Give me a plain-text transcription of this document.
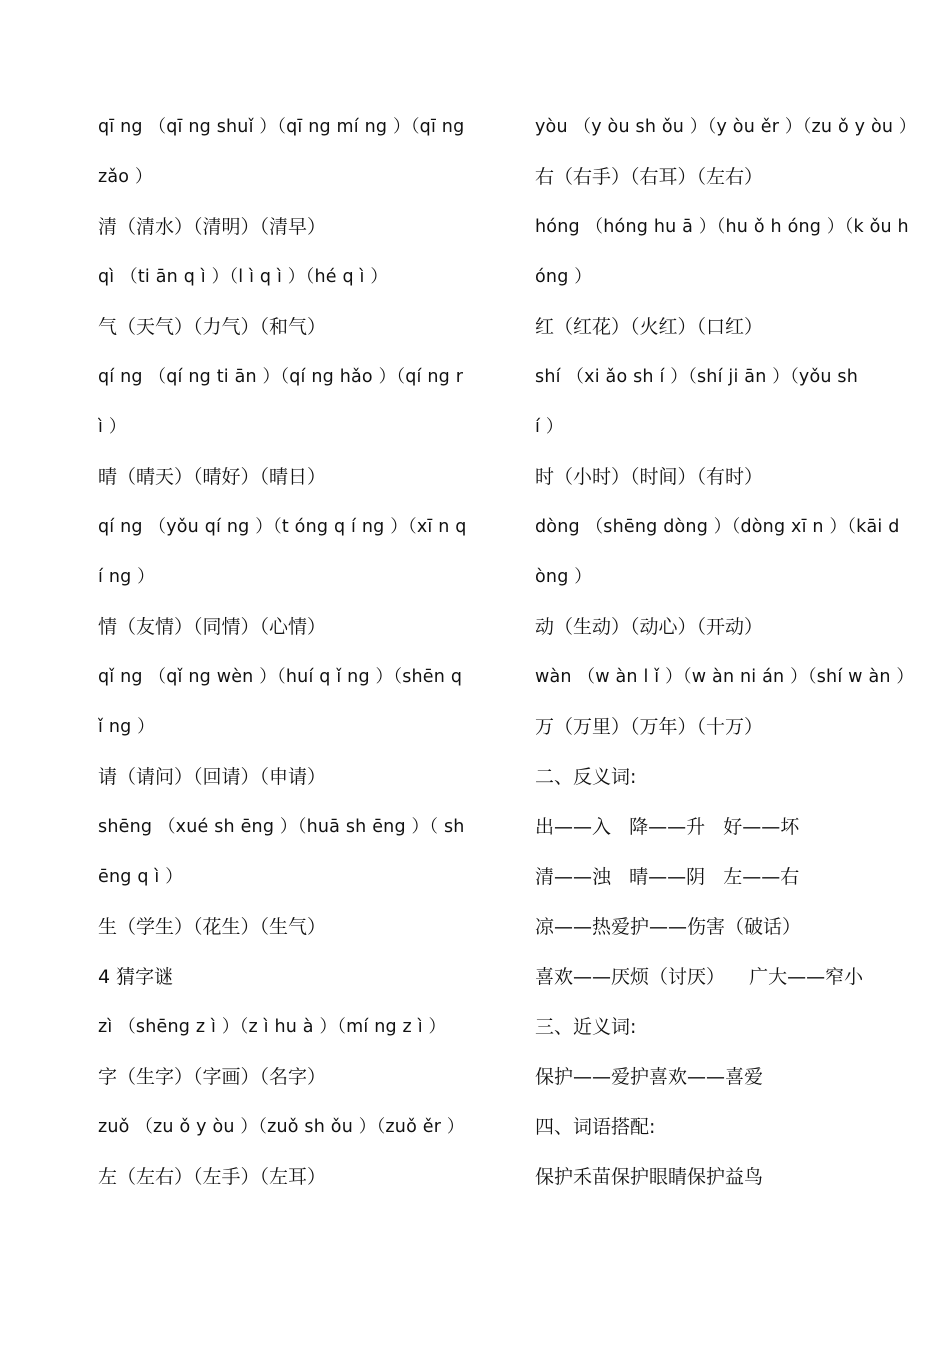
qī ng （qī ng shuǐ ）（qī ng mí ng ）（qī ng
zǎo ）
清（清水）（清明）（清早）
qì （ti ān q ì ）（l ì q ì ）（hé q ì ）
气（天气）（力气）（和气）
qí ng （qí ng ti ān ）（qí ng hǎo ）（qí ng r
ì ）
晴（晴天）（晴好）（晴日）
qí ng （yǒu qí ng ）（t óng q í ng ）（xī n q
í ng ）
情（友情）（同情）（心情）
qǐ ng （qǐ ng wèn ）（huí q ǐ ng ）（shēn q
ǐ ng ）
请（请问）（回请）（申请）
shēng （xué sh ēng ）（huā sh ēng ）（ sh
ēng q ì ）
生（学生）（花生）（生气）
4 猜字谜
zì （shēng z ì ）（z ì hu à ）（mí ng z ì ）
字（生字）（字画）（名字）
zuǒ （zu ǒ y òu ）（zuǒ sh ǒu ）（zuǒ ěr ）
左（左右）（左手）（左耳）
yòu （y òu sh ǒu ）（y òu ěr ）（zu ǒ y òu ）
右（右手）（右耳）（左右）
hóng （hóng hu ā ）（hu ǒ h óng ）（k ǒu h
óng ）
红（红花）（火红）（口红）
shí （xi ǎo sh í ）（shí ji ān ）（yǒu sh
í ）
时（小时）（时间）（有时）
dòng （shēng dòng ）（dòng xī n ）（kāi d
òng ）
动（生动）（动心）（开动）
wàn （w àn l ǐ ）（w àn ni án ）（shí w àn ）
万（万里）（万年）（十万）
二、反义词:
出——入   降——升   好——坏
清——浊   晴——阴   左——右
凉——热爱护——伤害（破话）
喜欢——厌烦（讨厌）    广大——窄小
三、近义词:
保护——爱护喜欢——喜爱
四、词语搭配:
保护禾苗保护眼睛保护益鸟
